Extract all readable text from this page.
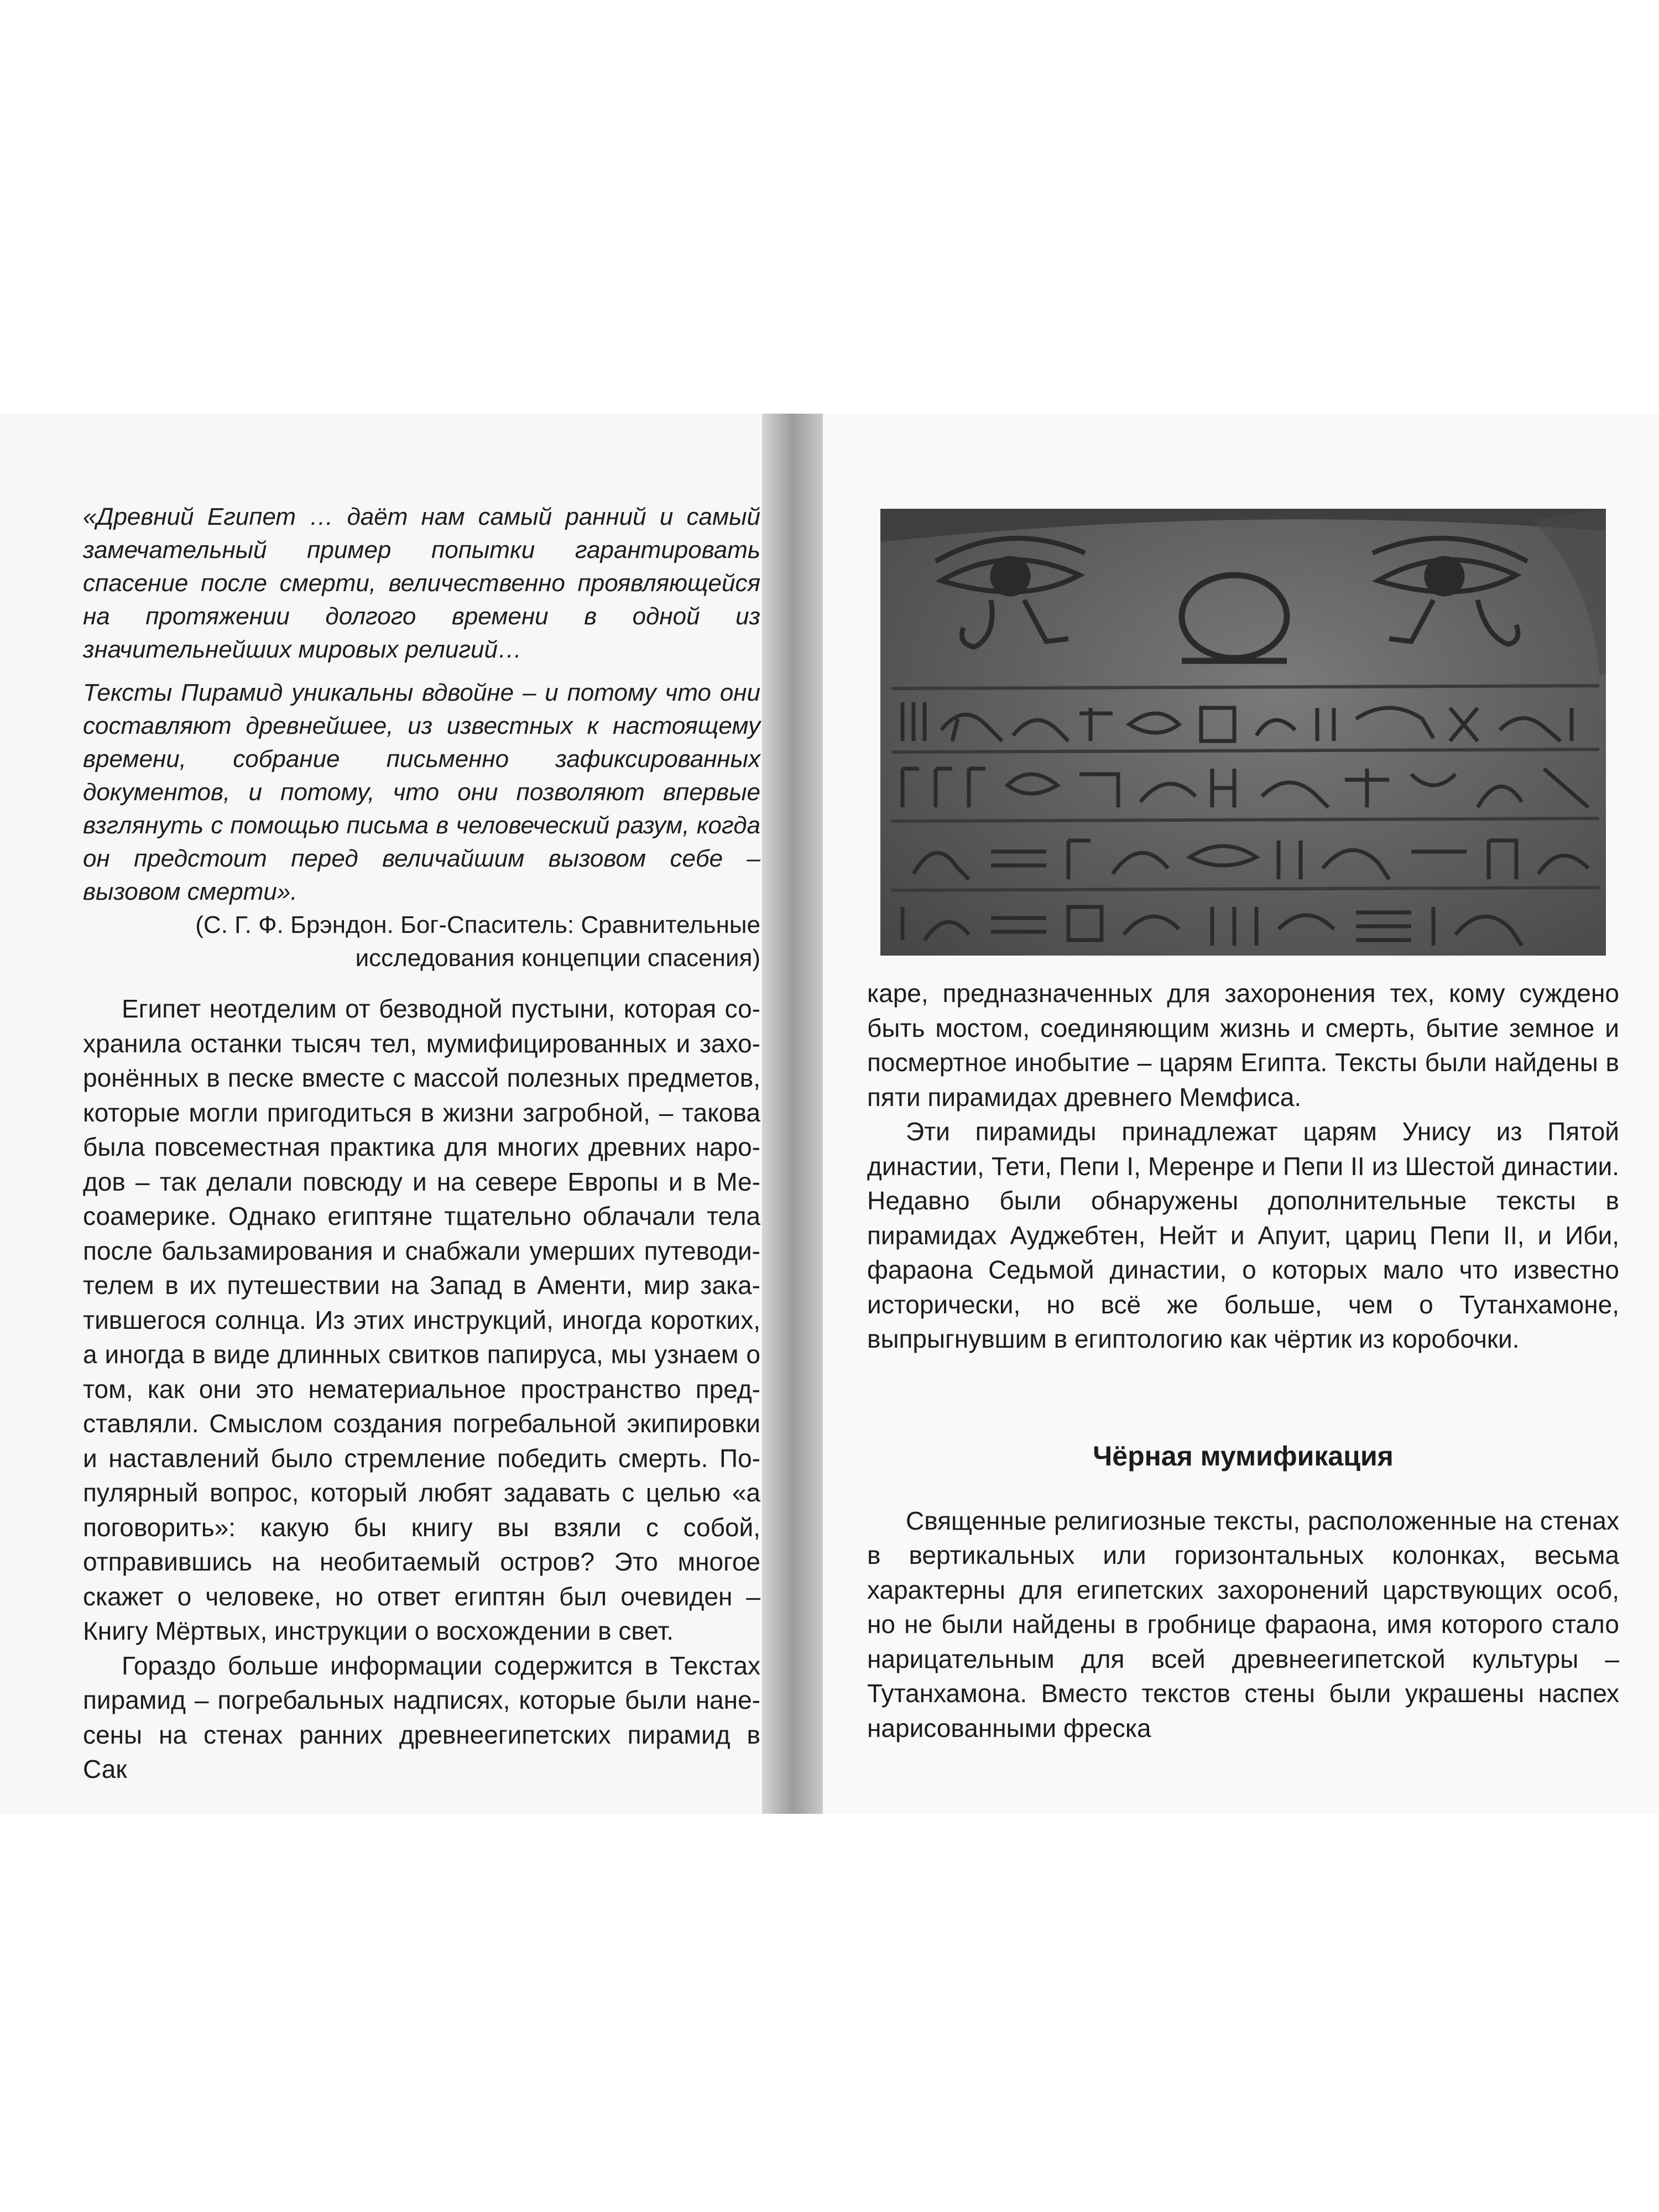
«Древний Египет … даёт нам самый ранний и самый замечательный пример попытки гарантировать спасение после смерти, величественно проявляющейся на протяжении долгого времени в одной из значительнейших мировых религий…

Тексты Пирамид уникальны вдвойне – и потому что они составляют древнейшее, из известных к настоящему времени, собрание письменно зафиксированных документов, и потому, что они позволяют впервые взглянуть с помощью письма в человеческий разум, когда он предстоит перед величайшим вызовом себе – вызовом смерти».

(С. Г. Ф. Брэндон. Бог-Спаситель: Сравнительные исследования концепции спасения)

Египет неотделим от безводной пустыни, которая сохранила останки тысяч тел, мумифицированных и захоронённых в песке вместе с массой полезных предметов, которые могли пригодиться в жизни загробной, – такова была повсеместная практика для многих древних народов – так делали повсюду и на севере Европы и в Месоамерике. Однако египтяне тщательно облачали тела после бальзамирования и снабжали умерших путеводителем в их путешествии на Запад в Аменти, мир закатившегося солнца. Из этих инструкций, иногда коротких, а иногда в виде длинных свитков папируса, мы узнаем о том, как они это нематериальное пространство представляли. Смыслом создания погребальной экипировки и наставлений было стремление победить смерть. Популярный вопрос, который любят задавать с целью «а поговорить»: какую бы книгу вы взяли с собой, отправившись на необитаемый остров? Это многое скажет о человеке, но ответ египтян был очевиден – Книгу Мёртвых, инструкции о восхождении в свет.

Гораздо больше информации содержится в Текстах пирамид – погребальных надписях, которые были нанесены на стенах ранних древнеегипетских пирамид в Сак

каре, предназначенных для захоронения тех, кому суждено быть мостом, соединяющим жизнь и смерть, бытие земное и посмертное инобытие – царям Египта. Тексты были найдены в пяти пирамидах древнего Мемфиса.

Эти пирамиды принадлежат царям Унису из Пятой династии, Тети, Пепи I, Меренре и Пепи II из Шестой династии. Недавно были обнаружены дополнительные тексты в пирамидах Ауджебтен, Нейт и Апуит, цариц Пепи II, и Иби, фараона Седьмой династии, о которых мало что известно исторически, но всё же больше, чем о Тутанхамоне, выпрыгнувшим в египтологию как чёртик из коробочки.

Чёрная мумификация

Священные религиозные тексты, расположенные на стенах в вертикальных или горизонтальных колонках, весьма характерны для египетских захоронений царствующих особ, но не были найдены в гробнице фараона, имя которого стало нарицательным для всей древнеегипетской культуры – Тутанхамона. Вместо текстов стены были украшены наспех нарисованными фреска
